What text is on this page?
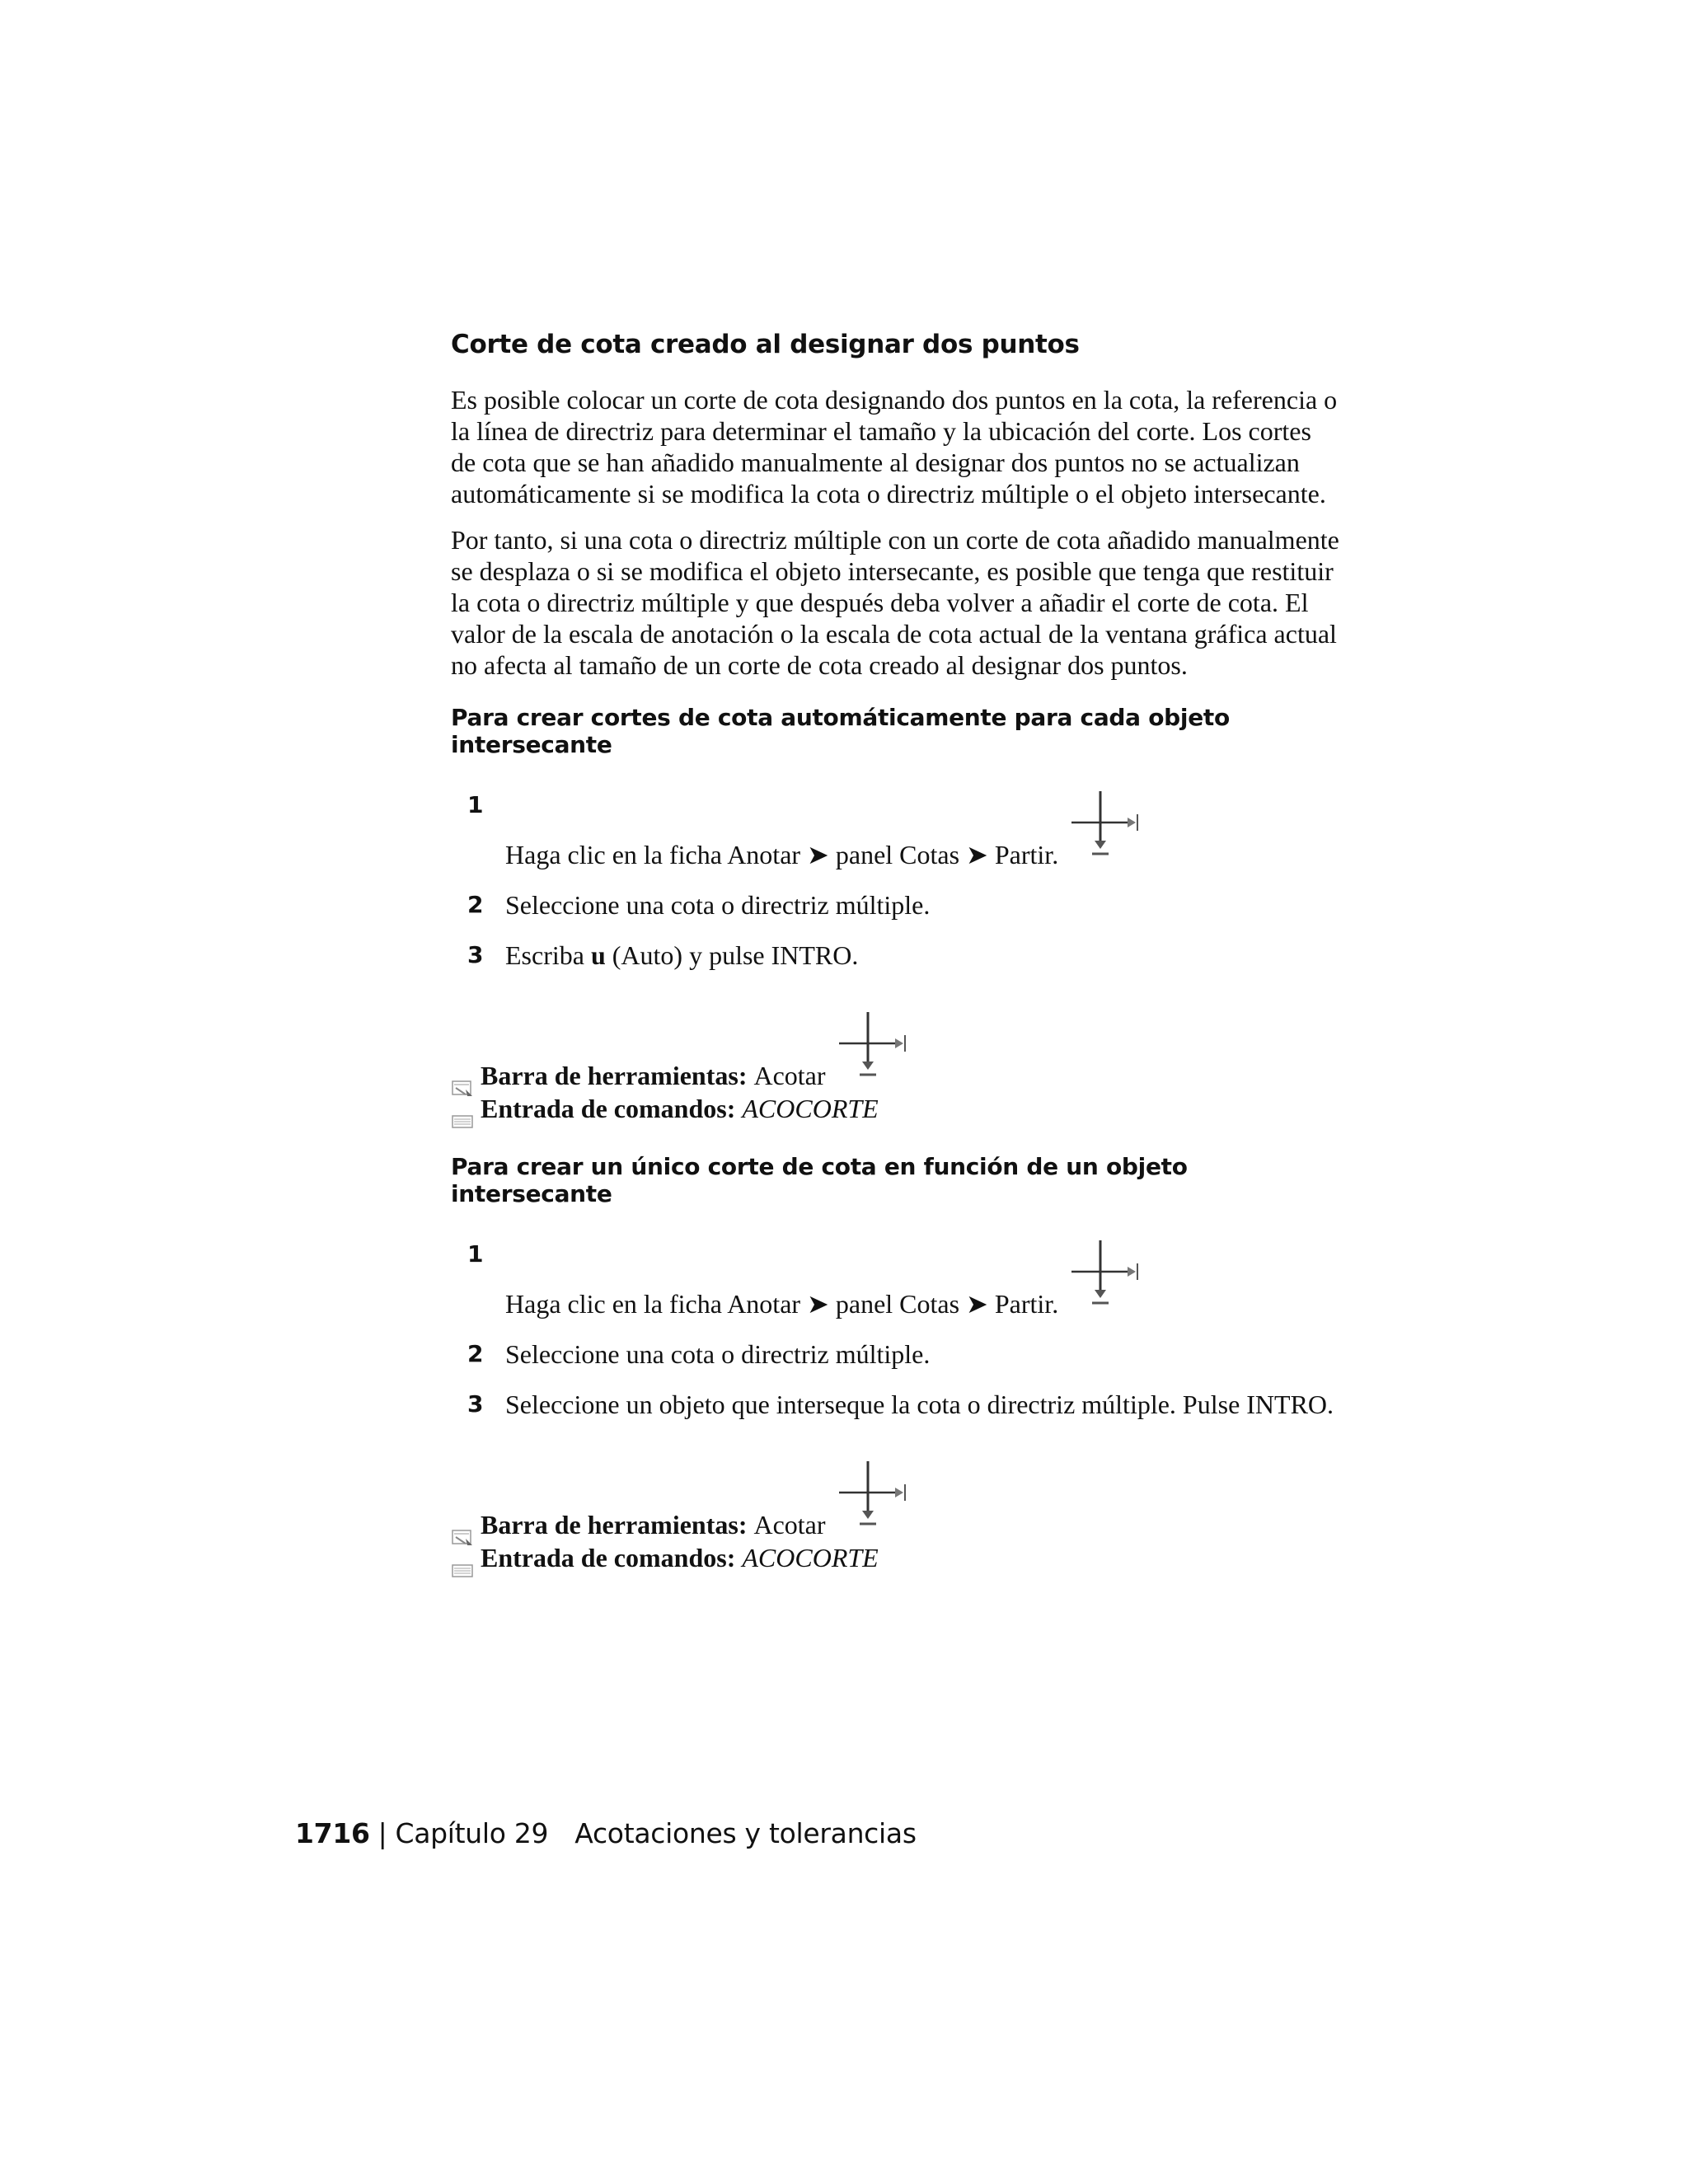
Corte de cota creado al designar dos puntos

Es posible colocar un corte de cota designando dos puntos en la cota, la referencia o la línea de directriz para determinar el tamaño y la ubicación del corte. Los cortes de cota que se han añadido manualmente al designar dos puntos no se actualizan automáticamente si se modifica la cota o directriz múltiple o el objeto intersecante.

Por tanto, si una cota o directriz múltiple con un corte de cota añadido manualmente se desplaza o si se modifica el objeto intersecante, es posible que tenga que restituir la cota o directriz múltiple y que después deba volver a añadir el corte de cota. El valor de la escala de anotación o la escala de cota actual de la ventana gráfica actual no afecta al tamaño de un corte de cota creado al designar dos puntos.

Para crear cortes de cota automáticamente para cada objeto intersecante
1
Haga clic en la ficha Anotar ➤ panel Cotas ➤ Partir.
2 Seleccione una cota o directriz múltiple.
3 Escriba u (Auto) y pulse INTRO.
Barra de herramientas:
Acotar
Entrada de comandos:
ACOCORTE
Para crear un único corte de cota en función de un objeto intersecante
1
Haga clic en la ficha Anotar ➤ panel Cotas ➤ Partir.
2 Seleccione una cota o directriz múltiple.
3 Seleccione un objeto que interseque la cota o directriz múltiple. Pulse INTRO.
Barra de herramientas:
Acotar
Entrada de comandos:
ACOCORTE
1716 | Capítulo 29 Acotaciones y tolerancias
